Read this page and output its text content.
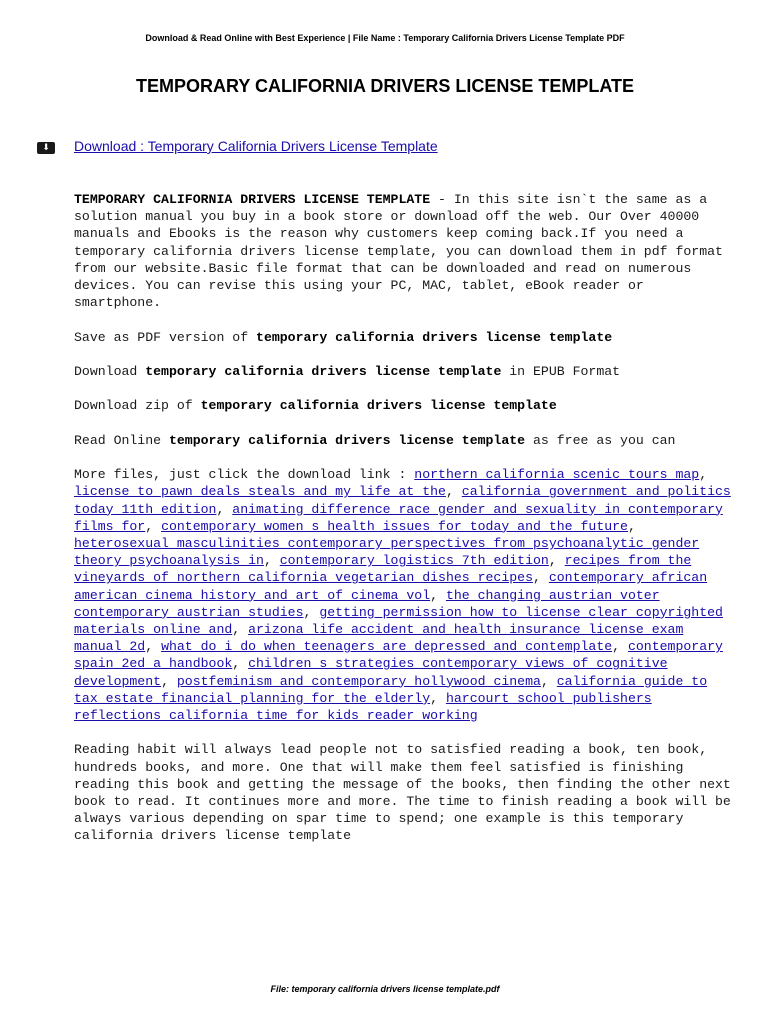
Download & Read Online with Best Experience | File Name : Temporary California Drivers License Template PDF
TEMPORARY CALIFORNIA DRIVERS LICENSE TEMPLATE
⬇	Download : Temporary California Drivers License Template

TEMPORARY CALIFORNIA DRIVERS LICENSE TEMPLATE - In this site isn`t the same as a solution manual you buy in a book store or download off the web. Our Over 40000 manuals and Ebooks is the reason why customers keep coming back.If you need a temporary california drivers license template, you can download them in pdf format from our website.Basic file format that can be downloaded and read on numerous devices. You can revise this using your PC, MAC, tablet, eBook reader or smartphone.

Save as PDF version of temporary california drivers license template

Download temporary california drivers license template in EPUB Format

Download zip of temporary california drivers license template

Read Online temporary california drivers license template as free as you can

More files, just click the download link : northern california scenic tours map, license to pawn deals steals and my life at the, california government and politics today 11th edition, animating difference race gender and sexuality in contemporary films for, contemporary women s health issues for today and the future, heterosexual masculinities contemporary perspectives from psychoanalytic gender theory psychoanalysis in, contemporary logistics 7th edition, recipes from the vineyards of northern california vegetarian dishes recipes, contemporary african american cinema history and art of cinema vol, the changing austrian voter contemporary austrian studies, getting permission how to license clear copyrighted materials online and, arizona life accident and health insurance license exam manual 2d, what do i do when teenagers are depressed and contemplate, contemporary spain 2ed a handbook, children s strategies contemporary views of cognitive development, postfeminism and contemporary hollywood cinema, california guide to tax estate financial planning for the elderly, harcourt school publishers reflections california time for kids reader working

Reading habit will always lead people not to satisfied reading a book, ten book, hundreds books, and more. One that will make them feel satisfied is finishing reading this book and getting the message of the books, then finding the other next book to read. It continues more and more. The time to finish reading a book will be always various depending on spar time to spend; one example is this temporary california drivers license template

File: temporary california drivers license template.pdf
